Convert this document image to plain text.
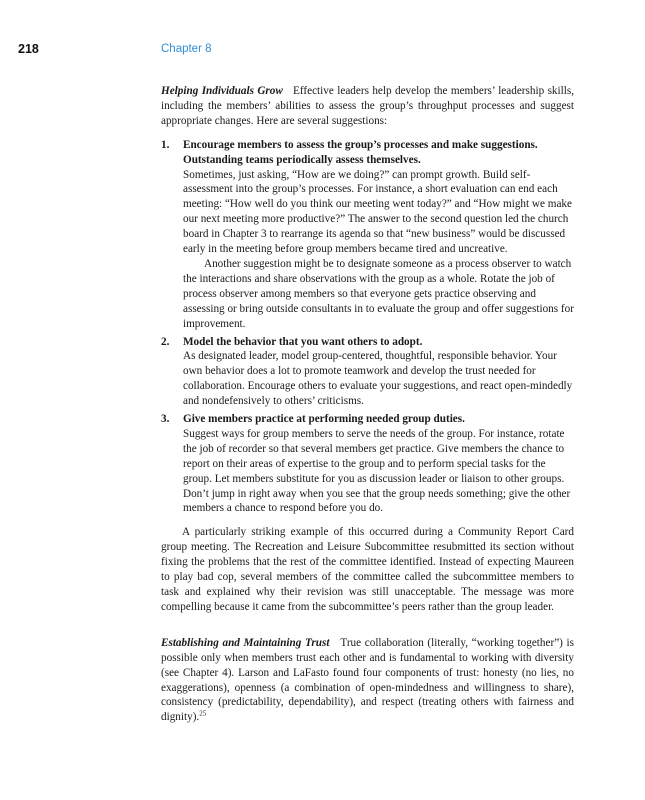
218	Chapter 8

Helping Individuals Grow Effective leaders help develop the members’ leadership skills, including the members’ abilities to assess the group’s throughput processes and suggest appropriate changes. Here are several suggestions:

1. Encourage members to assess the group’s processes and make suggestions. Outstanding teams periodically assess themselves.
Sometimes, just asking, “How are we doing?” can prompt growth. Build self-assessment into the group’s processes. For instance, a short evaluation can end each meeting: “How well do you think our meeting went today?” and “How might we make our next meeting more productive?” The answer to the second question led the church board in Chapter 3 to rearrange its agenda so that “new business” would be discussed early in the meeting before group members became tired and uncreative.
Another suggestion might be to designate someone as a process observer to watch the interactions and share observations with the group as a whole. Rotate the job of process observer among members so that everyone gets practice observing and assessing or bring outside consultants in to evaluate the group and offer suggestions for improvement.
2. Model the behavior that you want others to adopt.
As designated leader, model group-centered, thoughtful, responsible behavior. Your own behavior does a lot to promote teamwork and develop the trust needed for collaboration. Encourage others to evaluate your suggestions, and react open-mindedly and nondefensively to others’ criticisms.
3. Give members practice at performing needed group duties.
Suggest ways for group members to serve the needs of the group. For instance, rotate the job of recorder so that several members get practice. Give members the chance to report on their areas of expertise to the group and to perform special tasks for the group. Let members substitute for you as discussion leader or liaison to other groups. Don’t jump in right away when you see that the group needs something; give the other members a chance to respond before you do.

A particularly striking example of this occurred during a Community Report Card group meeting. The Recreation and Leisure Subcommittee resubmitted its section without fixing the problems that the rest of the committee identified. Instead of expecting Maureen to play bad cop, several members of the committee called the subcommittee members to task and explained why their revision was still unacceptable. The message was more compelling because it came from the subcommittee’s peers rather than the group leader.

Establishing and Maintaining Trust True collaboration (literally, “working together”) is possible only when members trust each other and is fundamental to working with diversity (see Chapter 4). Larson and LaFasto found four components of trust: honesty (no lies, no exaggerations), openness (a combination of open-mindedness and willingness to share), consistency (predictability, dependability), and respect (treating others with fairness and dignity).$^{25}$
